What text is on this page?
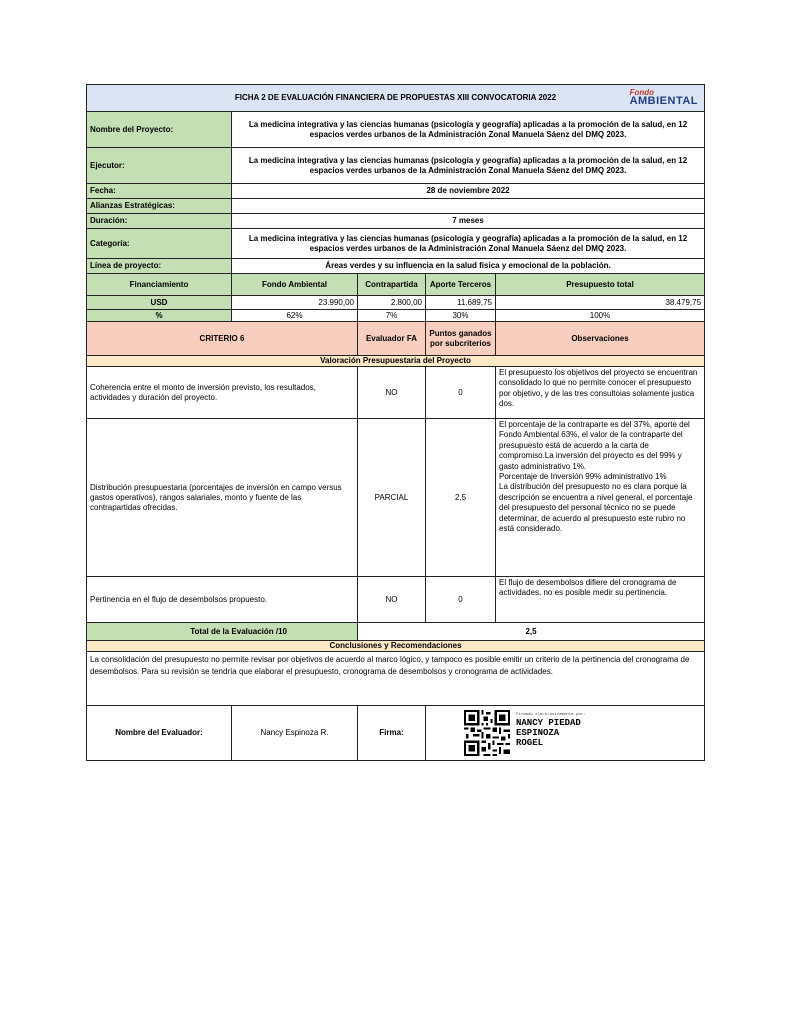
FICHA 2 DE EVALUACIÓN FINANCIERA DE PROPUESTAS XIII CONVOCATORIA 2022
Fondo
AMBIENTAL				

Nombre del Proyecto:	La medicina integrativa y las ciencias humanas (psicología y geografía) aplicadas a la promoción de la salud, en 12 espacios verdes urbanos de la Administración Zonal Manuela Sáenz del DMQ 2023.			
Ejecutor:	La medicina integrativa y las ciencias humanas (psicología y geografía) aplicadas a la promoción de la salud, en 12 espacios verdes urbanos de la Administración Zonal Manuela Sáenz del DMQ 2023.			
Fecha:	28 de noviembre 2022			
Alianzas Estratégicas:				
Duración:	7 meses			
Categoría:	La medicina integrativa y las ciencias humanas (psicología y geografía) aplicadas a la promoción de la salud, en 12 espacios verdes urbanos de la Administración Zonal Manuela Sáenz del DMQ 2023.			
Línea de proyecto:	Áreas verdes y su influencia en la salud física y emocional de la población.			
Financiamiento	Fondo Ambiental	Contrapartida	Aporte Terceros	Presupuesto total
USD	23.990,00	2.800,00	11.689,75	38.479,75
%	62%	7%	30%	100%
CRITERIO 6		Evaluador FA	Puntos ganados por subcriterios	Observaciones
Valoración Presupuestaria del Proyecto				
Coherencia entre el monto de inversión previsto, los resultados, actividades y duración del proyecto.		NO	0	El presupuesto los objetivos del proyecto se encuentran consolidado lo que no permite conocer el presupuesto por objetivo, y de las tres consultoias solamente justica dos.
Distribución presupuestaria (porcentajes de inversión en campo versus gastos operativos), rangos salariales, monto y fuente de las contrapartidas ofrecidas.		PARCIAL	2,5	El porcentaje de la contraparte es del 37%, aporte del Fondo Ambiental 63%, el valor de la contraparte del presupuesto está de acuerdo a la carta de compromiso.La inversión del proyecto es del 99% y gasto administrativo 1%.
Porcentaje de Inversión 99% administrativo 1%
La distribución del presupuesto no es clara porque la descripción se encuentra a nivel general, el porcentaje del presupuesto del personal técnico no se puede determinar, de acuerdo al presupuesto este rubro no está considerado.
Pertinencia en el flujo de desembolsos propuesto.		NO	0	El flujo de desembolsos difiere del cronograma de actividades, no es posible medir su pertinencia.
Total de la Evaluación /10		2,5		
Conclusiones y Recomendaciones				
La consolidación del presupuesto no permite revisar por objetivos de acuerdo al marco lógico, y tampoco es posible emitir un criterio de la pertinencia del cronograma de desembolsos. Para su revisión se tendría que elaborar el presupuesto, cronograma de desembolsos y cronograma de actividades.				
Nombre del Evaluador:	Nancy Espinoza R.	Firma:	Firmado electrónicamente por:
NANCY PIEDAD
ESPINOZA
ROGEL	
